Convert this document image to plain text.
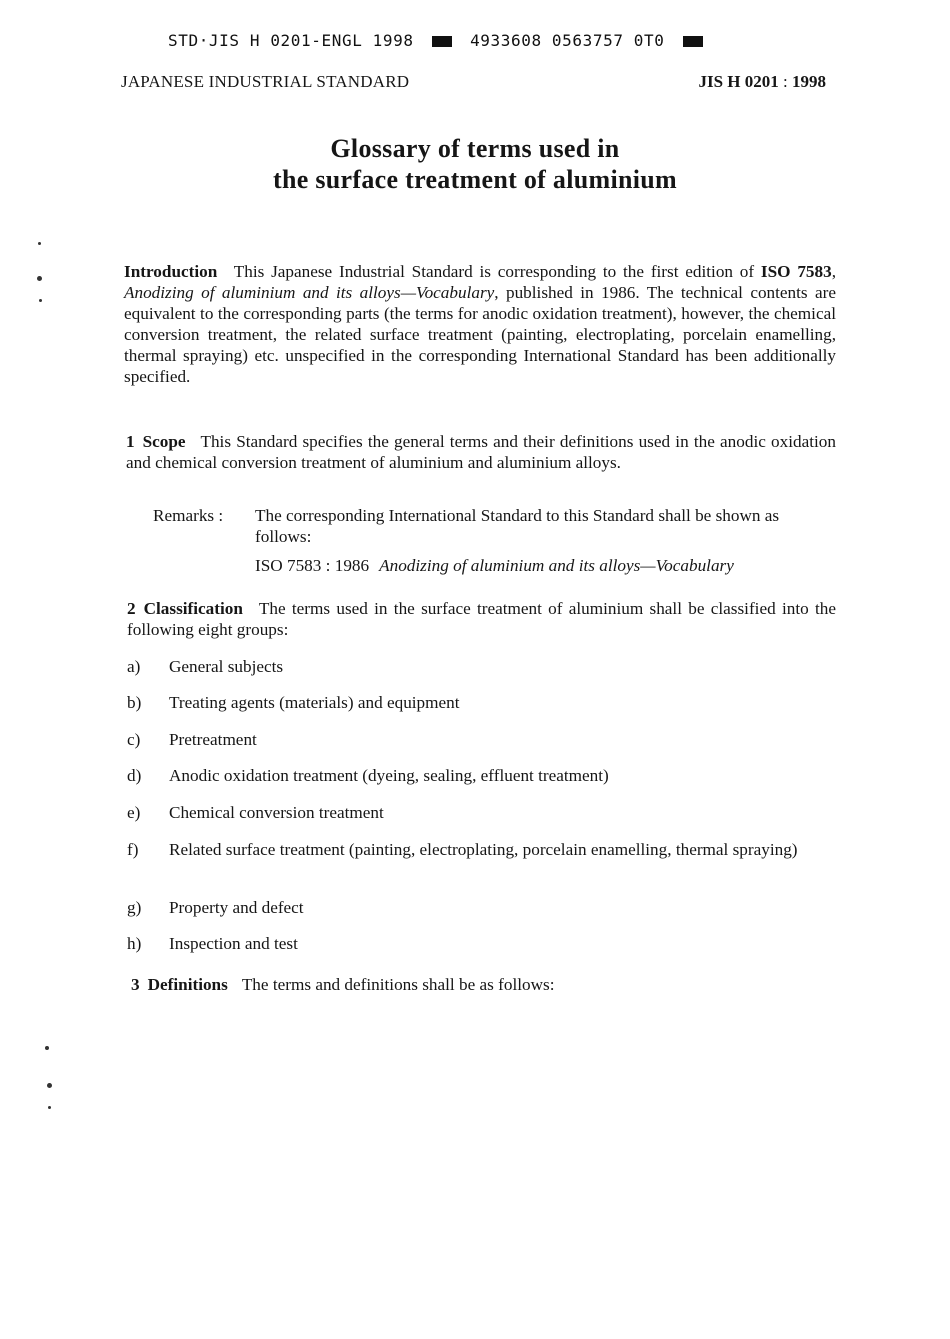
STD·JIS H 0201-ENGL 1998	4933608 0563757 0T0
JAPANESE INDUSTRIAL STANDARD	JIS H 0201 : 1998
Glossary of terms used in
the surface treatment of aluminium

Introduction This Japanese Industrial Standard is corresponding to the first edition of ISO 7583, Anodizing of aluminium and its alloys—Vocabulary, published in 1986. The technical contents are equivalent to the corresponding parts (the terms for anodic oxidation treatment), however, the chemical conversion treatment, the related surface treatment (painting, electroplating, porcelain enamelling, thermal spraying) etc. unspecified in the corresponding International Standard has been additionally specified.

1 Scope This Standard specifies the general terms and their definitions used in the anodic oxidation and chemical conversion treatment of aluminium and aluminium alloys.

Remarks : The corresponding International Standard to this Standard shall be shown as follows:
ISO 7583 : 1986 Anodizing of aluminium and its alloys—Vocabulary

2 Classification The terms used in the surface treatment of aluminium shall be classified into the following eight groups:

a) General subjects
b) Treating agents (materials) and equipment
c) Pretreatment
d) Anodic oxidation treatment (dyeing, sealing, effluent treatment)
e) Chemical conversion treatment
f) Related surface treatment (painting, electroplating, porcelain enamelling, thermal spraying)
g) Property and defect
h) Inspection and test
3 Definitions The terms and definitions shall be as follows:
